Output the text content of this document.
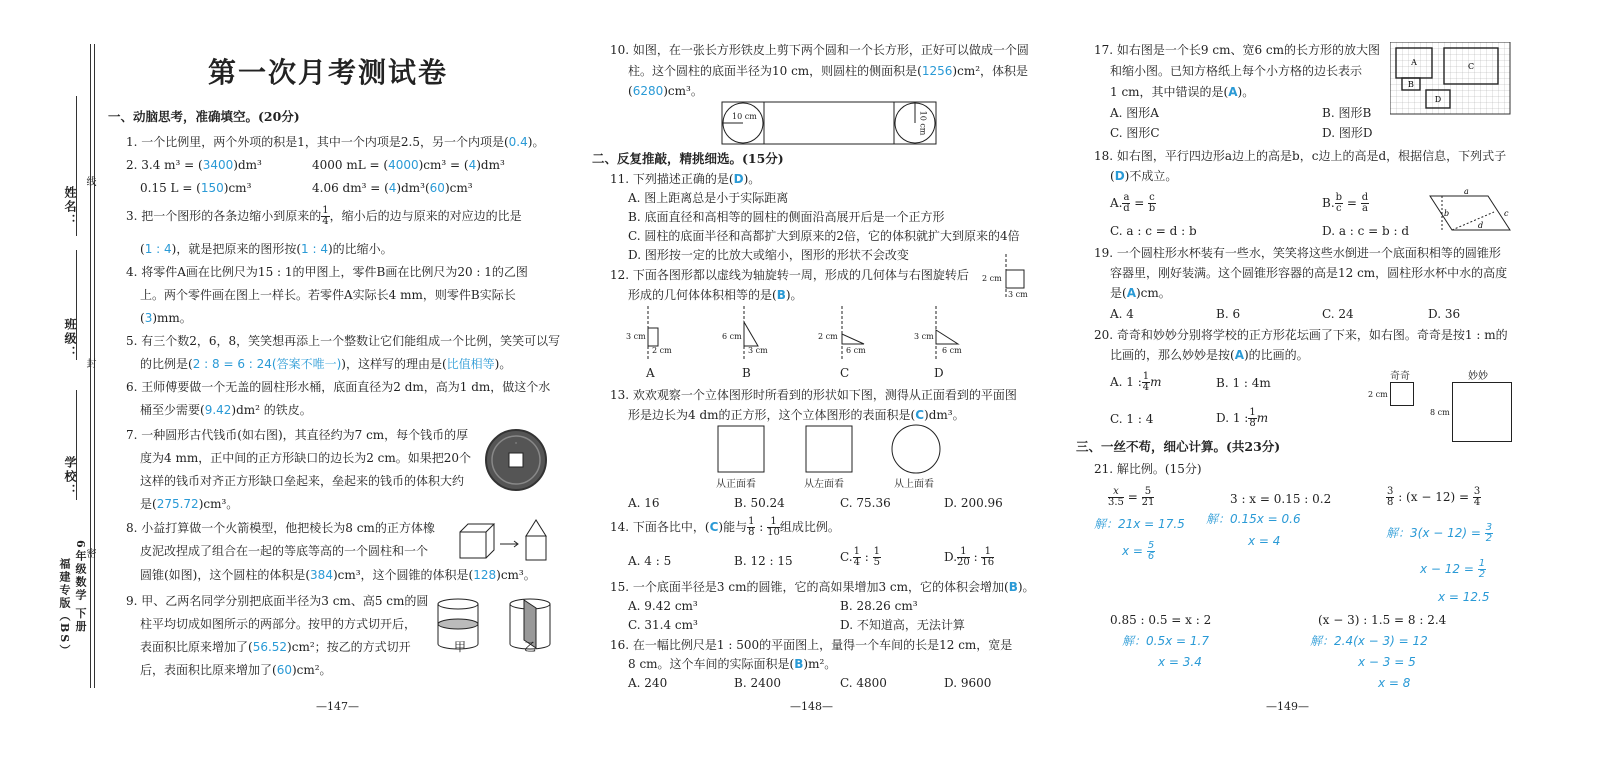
姓名：
班级：
学校：
线
封
密
6年级数学 下册
福建专版（BS）
第一次月考测试卷
一、动脑思考，准确填空。(20分)
1. 一个比例里，两个外项的积是1，其中一个内项是2.5，另一个内项是(0.4)。
2. 3.4 m³ = (3400)dm³	4000 mL = (4000)cm³ = (4)dm³
0.15 L = (150)cm³	4.06 dm³ = (4)dm³(60)cm³
3. 把一个图形的各条边缩小到原来的 $\frac{1}{4}$ ，缩小后的边与原来的对应边的比是
(1 : 4)，就是把原来的图形按(1 : 4)的比缩小。
4. 将零件A画在比例尺为15 : 1的甲图上，零件B画在比例尺为20 : 1的乙图
上。两个零件画在图上一样长。若零件A实际长4 mm，则零件B实际长
(3)mm。
5. 有三个数2，6，8，笑笑想再添上一个整数让它们能组成一个比例，笑笑可以写
的比例是(2 : 8 = 6 : 24(答案不唯一))，这样写的理由是(比值相等)。
6. 王师傅要做一个无盖的圆柱形水桶，底面直径为2 dm，高为1 dm，做这个水
桶至少需要(9.42)dm² 的铁皮。
7. 一种圆形古代钱币(如右图)，其直径约为7 cm，每个钱币的厚
度为4 mm，正中间的正方形缺口的边长为2 cm。如果把20个
这样的钱币对齐正方形缺口垒起来，垒起来的钱币的体积大约
是(275.72)cm³。
·
8. 小益打算做一个火箭模型，他把棱长为8 cm的正方体橡
皮泥改捏成了组合在一起的等底等高的一个圆柱和一个
圆锥(如图)，这个圆柱的体积是(384)cm³，这个圆锥的体积是(128)cm³。
9. 甲、乙两名同学分别把底面半径为3 cm、高5 cm的圆
柱平均切成如图所示的两部分。按甲的方式切开后，
表面积比原来增加了(56.52)cm²；按乙的方式切开
后，表面积比原来增加了(60)cm²。
甲	乙
—147—
10. 如图，在一张长方形铁皮上剪下两个圆和一个长方形，正好可以做成一个圆
柱。这个圆柱的底面半径为10 cm，则圆柱的侧面积是(1256)cm²，体积是
(6280)cm³。
10 cm	10 cm
二、反复推敲，精挑细选。(15分)
11. 下列描述正确的是(D)。
A. 图上距离总是小于实际距离
B. 底面直径和高相等的圆柱的侧面沿高展开后是一个正方形
C. 圆柱的底面半径和高都扩大到原来的2倍，它的体积就扩大到原来的4倍
D. 图形按一定的比放大或缩小，图形的形状不会改变
12. 下面各图形都以虚线为轴旋转一周，形成的几何体与右图旋转后
形成的几何体体积相等的是(B)。
2 cm
3 cm
3 cm
2 cm
A
6 cm
3 cm
B
2 cm
6 cm
C
3 cm
6 cm
D
13. 欢欢观察一个立体图形时所看到的形状如下图，测得从正面看到的平面图
形是边长为4 dm的正方形，这个立体图形的表面积是(C)dm³。
从正面看	从左面看	从上面看
A. 16	B. 50.24	C. 75.36	D. 200.96
14. 下面各比中，(C)能与 $\frac{1}{8}$ : $\frac{1}{10}$ 组成比例。
A. 4 : 5	B. 12 : 15	C. $\frac{1}{4}$ : $\frac{1}{5}$	D. $\frac{1}{20}$ : $\frac{1}{16}$
15. 一个底面半径是3 cm的圆锥，它的高如果增加3 cm，它的体积会增加(B)。
A. 9.42 cm³	B. 28.26 cm³
C. 31.4 cm³	D. 不知道高，无法计算
16. 在一幅比例尺是1 : 500的平面图上，量得一个车间的长是12 cm，宽是
8 cm。这个车间的实际面积是(B)m²。
A. 240	B. 2400	C. 4800	D. 9600
—148—
17. 如右图是一个长9 cm、宽6 cm的长方形的放大图
和缩小图。已知方格纸上每个小方格的边长表示
1 cm，其中错误的是(A)。
A. 图形A	B. 图形B
C. 图形C	D. 图形D
A
B
C
D
18. 如右图，平行四边形a边上的高是b，c边上的高是d，根据信息，下列式子
(D)不成立。
A. $\frac{a}{d} = \frac{c}{b}$	B. $\frac{b}{c} = \frac{d}{a}$
C. a : c = d : b	D. a : c = b : d
a
b	c
d
19. 一个圆柱形水杯装有一些水，笑笑将这些水倒进一个底面积相等的圆锥形
容器里，刚好装满。这个圆锥形容器的高是12 cm，圆柱形水杯中水的高度
是(A)cm。
A. 4	B. 6	C. 24	D. 36
20. 奇奇和妙妙分别将学校的正方形花坛画了下来，如右图。奇奇是按1 : m的
比画的，那么妙妙是按(A)的比画的。
A. 1 : $\frac{1}{4}$ m	B. 1 : 4m
C. 1 : 4	D. 1 : $\frac{1}{8}$ m
奇奇	妙妙
2 cm
8 cm
三、一丝不苟，细心计算。(共23分)
21. 解比例。(15分)
$\frac{x}{3.5} = \frac{5}{21}$
解：21x = 17.5
$x = \frac{5}{6}$
3 : x = 0.15 : 0.2
解：0.15x = 0.6
x = 4
$\frac{3}{8}$ : $(x - 12) = \frac{3}{4}$
解：$3(x - 12) = \frac{3}{2}$
$x - 12 = \frac{1}{2}$
x = 12.5
0.85 : 0.5 = x : 2
解：0.5x = 1.7
x = 3.4
(x − 3) : 1.5 = 8 : 2.4
解：2.4(x − 3) = 12
x − 3 = 5
x = 8
—149—
